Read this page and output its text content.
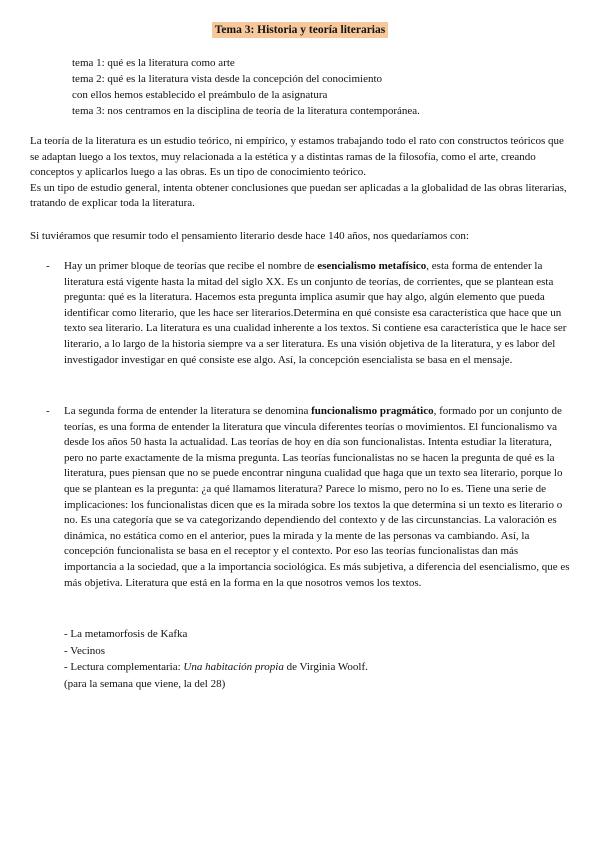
Tema 3: Historia y teoría literarias
tema 1: qué es la literatura como arte
tema 2: qué es la literatura vista desde la concepción del conocimiento
con ellos hemos establecido el preámbulo de la asignatura
tema 3: nos centramos en la disciplina de teoría de la literatura contemporánea.
La teoría de la literatura es un estudio teórico, ni empírico, y estamos trabajando todo el rato con constructos teóricos que se adaptan luego a los textos, muy relacionada a la estética y a distintas ramas de la filosofía, como el arte, creando conceptos y aplicarlos luego a las obras. Es un tipo de conocimiento teórico.
Es un tipo de estudio general, intenta obtener conclusiones que puedan ser aplicadas a la globalidad de las obras literarias, tratando de explicar toda la literatura.
Si tuviéramos que resumir todo el pensamiento literario desde hace 140 años, nos quedaríamos con:
- Hay un primer bloque de teorías que recibe el nombre de esencialismo metafísico, esta forma de entender la literatura está vigente hasta la mitad del siglo XX. Es un conjunto de teorías, de corrientes, que se plantean esta pregunta: qué es la literatura. Hacemos esta pregunta implica asumir que hay algo, algún elemento que pueda identificar como literario, que les hace ser literarios.Determina en qué consiste esa característica que hace que un texto sea literario. La literatura es una cualidad inherente a los textos. Si contiene esa característica que le hace ser literario, a lo largo de la historia siempre va a ser literatura. Es una visión objetiva de la literatura, y es labor del investigador investigar en qué consiste ese algo. Así, la concepción esencialista se basa en el mensaje.
- La segunda forma de entender la literatura se denomina funcionalismo pragmático, formado por un conjunto de teorías, es una forma de entender la literatura que vincula diferentes teorías o movimientos. El funcionalismo va desde los años 50 hasta la actualidad. Las teorías de hoy en día son funcionalistas. Intenta estudiar la literatura, pero no parte exactamente de la misma pregunta. Las teorías funcionalistas no se hacen la pregunta de qué es la literatura, pues piensan que no se puede encontrar ninguna cualidad que haga que un texto sea literario, porque lo que se plantean es la pregunta: ¿a qué llamamos literatura? Parece lo mismo, pero no lo es. Tiene una serie de implicaciones: los funcionalistas dicen que es la mirada sobre los textos la que determina si un texto es literario o no. Es una categoría que se va categorizando dependiendo del contexto y de las circunstancias. La valoración es dinámica, no estática como en el anterior, pues la mirada y la mente de las personas va cambiando. Así, la concepción funcionalista se basa en el receptor y el contexto. Por eso las teorías funcionalistas dan más importancia a la sociedad, que a la importancia sociológica. Es más subjetiva, a diferencia del esencialismo, que es más objetiva. Literatura que está en la forma en la que nosotros vemos los textos.
- La metamorfosis de Kafka
- Vecinos
- Lectura complementaria: Una habitación propia de Virginia Woolf.
(para la semana que viene, la del 28)
